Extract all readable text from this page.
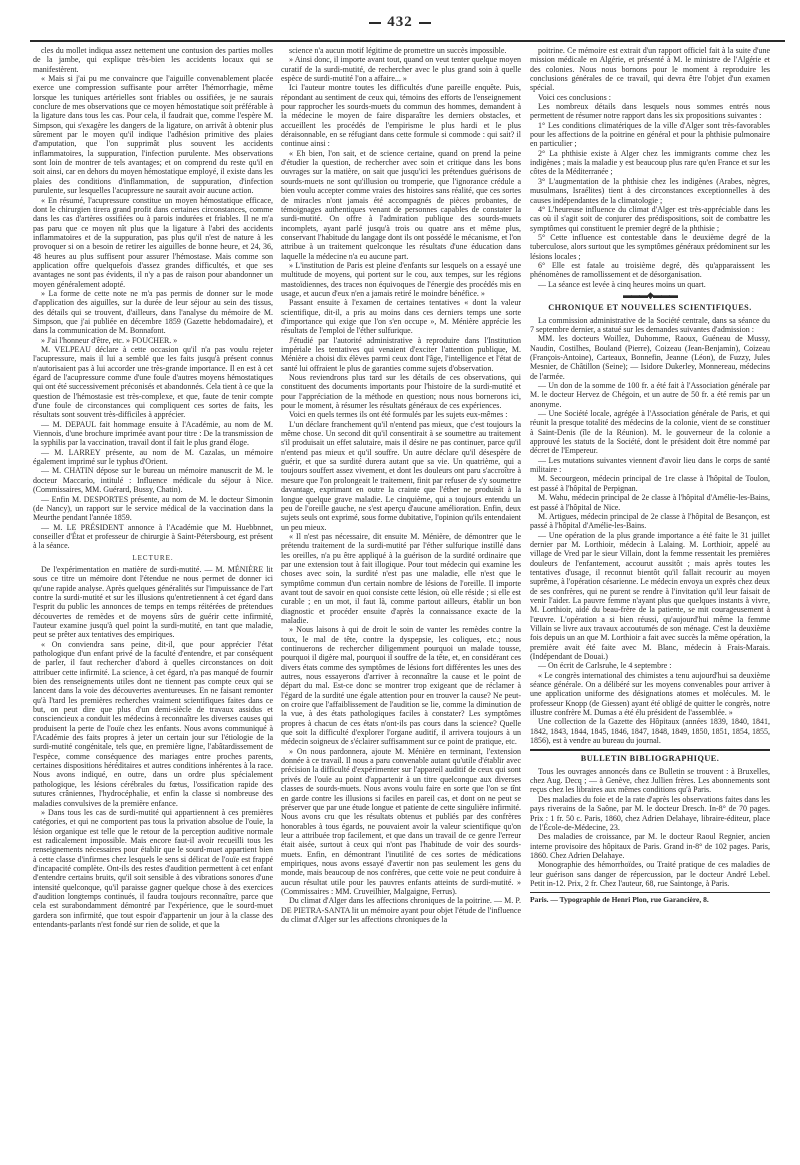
432

cles du mollet indiqua assez nettement une contusion des parties molles de la jambe, qui explique très-bien les accidents locaux qui se manifestèrent.

« Mais si j'ai pu me convaincre que l'aiguille convenablement placée exerce une compression suffisante pour arrêter l'hémorrhagie, même lorsque les tuniques artérielles sont friables ou ossifiées, je ne saurais conclure de mes observations que ce moyen hémostatique soit préférable à la ligature dans tous les cas. Pour cela, il faudrait que, comme l'espère M. Simpson, qui s'exagère les dangers de la ligature, on arrivât à obtenir plus sûrement par le moyen qu'il indique l'adhésion primitive des plaies d'amputation, que l'on supprimât plus souvent les accidents inflammatoires, la suppuration, l'infection purulente. Mes observations sont loin de montrer de tels avantages; et on comprend du reste qu'il en soit ainsi, car en dehors du moyen hémostatique employé, il existe dans les plaies des conditions d'inflammation, de suppuration, d'infection purulente, sur lesquelles l'acupressure ne saurait avoir aucune action.

« En résumé, l'acupressure constitue un moyen hémostatique efficace, dont le chirurgien tirera grand profit dans certaines circonstances, comme dans les cas d'artères ossifiées ou à parois indurées et friables. Il ne m'a pas paru que ce moyen nît plus que la ligature à l'abri des accidents inflammatoires et de la suppuration, pas plus qu'il n'est de nature à les provoquer si on a besoin de retirer les aiguilles de bonne heure, et 24, 36, 48 heures au plus suffisent pour assurer l'hémostase. Mais comme son application offre quelquefois d'assez grandes difficultés, et que ses avantages ne sont pas évidents, il n'y a pas de raison pour abandonner un moyen généralement adopté.

» La forme de cette note ne m'a pas permis de donner sur le mode d'application des aiguilles, sur la durée de leur séjour au sein des tissus, des détails qui se trouvent, d'ailleurs, dans l'analyse du mémoire de M. Simpson, que j'ai publiée en décembre 1859 (Gazette hebdomadaire), et dans la communication de M. Bonnafont.

» J'ai l'honneur d'être, etc. » FOUCHER. »

M. VELPEAU déclare à cette occasion qu'il n'a pas voulu rejeter l'acupressure, mais il lui a semblé que les faits jusqu'à présent connus n'autorisaient pas à lui accorder une très-grande importance. Il en est à cet égard de l'acupressure comme d'une foule d'autres moyens hémostatiques qui ont été successivement préconisés et abandonnés. Cela tient à ce que la question de l'hémostasie est très-complexe, et que, faute de tenir compte d'une foule de circonstances qui compliquent ces sortes de faits, les résultats sont souvent très-difficiles à apprécier.

— M. DEPAUL fait hommage ensuite à l'Académie, au nom de M. Viennois, d'une brochure imprimée avant pour titre : De la transmission de la syphilis par la vaccination, travail dont il fait le plus grand éloge.

— M. LARREY présente, au nom de M. Cazalas, un mémoire également imprimé sur le typhus d'Orient.

— M. CHATIN dépose sur le bureau un mémoire manuscrit de M. le docteur Maccario, intitulé : Influence médicale du séjour à Nice. (Commissaires, MM. Guérard, Bussy, Chatin).

— Enfin M. DESPORTES présente, au nom de M. le docteur Simonin (de Nancy), un rapport sur le service médical de la vaccination dans la Meurthe pendant l'année 1859.

— M. LE PRÉSIDENT annonce à l'Académie que M. Huebbnnet, conseiller d'État et professeur de chirurgie à Saint-Pétersbourg, est présent à la séance.

LECTURE.

De l'expérimentation en matière de surdi-mutité. — M. MÉNIÈRE lit sous ce titre un mémoire dont l'étendue ne nous permet de donner ici qu'une rapide analyse. Après quelques généralités sur l'impuissance de l'art contre la surdi-mutité et sur les illusions qu'entretiennent à cet égard dans l'esprit du public les annonces de temps en temps réitérées de prétendues découvertes de remèdes et de moyens sûrs de guérir cette infirmité, l'auteur examine jusqu'à quel point la surdi-mutité, en tant que maladie, peut se prêter aux tentatives des empiriques.

« On conviendra sans peine, dit-il, que pour apprécier l'état pathologique d'un enfant privé de la faculté d'entendre, et par conséquent de parler, il faut rechercher d'abord à quelles circonstances on doit attribuer cette infirmité. La science, à cet égard, n'a pas manqué de fournir bien des renseignements utiles dont ne tiennent pas compte ceux qui se lancent dans la voie des découvertes aventureuses. En ne faisant remonter qu'à l'tard les premières recherches vraiment scientifiques faites dans ce but, on peut dire que plus d'un demi-siècle de travaux assidus et consciencieux a conduit les médecins à reconnaître les diverses causes qui produisent la perte de l'ouïe chez les enfants. Nous avons communiqué à l'Académie des faits propres à jeter un certain jour sur l'étiologie de la surdi-mutité congénitale, tels que, en première ligne, l'abâtardissement de l'espèce, comme conséquence des mariages entre proches parents, certaines dispositions héréditaires et autres conditions inhérentes à la race. Nous avons indiqué, en outre, dans un ordre plus spécialement pathologique, les lésions cérébrales du fœtus, l'ossification rapide des sutures crâniennes, l'hydrocéphalie, et enfin la classe si nombreuse des maladies convulsives de la première enfance.

» Dans tous les cas de surdi-mutité qui appartiennent à ces premières catégories, et qui ne comportent pas tous la privation absolue de l'ouïe, la lésion organique est telle que le retour de la perception auditive normale est radicalement impossible. Mais encore faut-il avoir recueilli tous les renseignements nécessaires pour établir que le sourd-muet appartient bien à cette classe d'infirmes chez lesquels le sens si délicat de l'ouïe est frappé d'incapacité complète. Ont-ils des restes d'audition permettent à cet enfant d'entendre certains bruits, qu'il soit sensible à des vibrations sonores d'une intensité quelconque, qu'il paraisse gagner quelque chose à des exercices d'audition longtemps continués, il faudra toujours reconnaître, parce que cela est surabondamment démontré par l'expérience, que le sourd-muet gardera son infirmité, que tout espoir d'appartenir un jour à la classe des entendants-parlants n'est fondé sur rien de solide, et que la

science n'a aucun motif légitime de promettre un succès impossible.

» Ainsi donc, il importe avant tout, quand on veut tenter quelque moyen curatif de la surdi-mutité, de rechercher avec le plus grand soin à quelle espèce de surdi-mutité l'on a affaire... »

Ici l'auteur montre toutes les difficultés d'une pareille enquête. Puis, répondant au sentiment de ceux qui, témoins des efforts de l'enseignement pour rapprocher les sourds-muets du commun des hommes, demandent à la médecine le moyen de faire disparaître les derniers obstacles, et accueillent les procédés de l'empirisme le plus hardi et le plus déraisonnable, en se réfugiant dans cette formule si commode : qui sait? il continue ainsi :

« Eh bien, l'on sait, et de science certaine, quand on prend la peine d'étudier la question, de rechercher avec soin et critique dans les bons ouvrages sur la matière, on sait que jusqu'ici les prétendues guérisons de sourds-muets ne sont qu'illusion ou tromperie, que l'ignorance crédule a bien voulu accepter comme vraies des histoires sans réalité, que ces sortes de miracles n'ont jamais été accompagnés de pièces probantes, de témoignages authentiques venant de personnes capables de constater la surdi-mutité. On offre à l'admiration publique des sourds-muets incomplets, ayant parlé jusqu'à trois ou quatre ans et même plus, conservant l'habitude du langage dont ils ont possédé le mécanisme, et l'on attribue à un traitement quelconque les résultats d'une éducation dans laquelle la médecine n'a eu aucune part.

» L'institution de Paris est pleine d'enfants sur lesquels on a essayé une multitude de moyens, qui portent sur le cou, aux tempes, sur les régions mastoïdiennes, des traces non équivoques de l'énergie des procédés mis en usage, et aucun d'eux n'en a jamais retiré le moindre bénéfice. »

Passant ensuite à l'examen de certaines tentatives « dont la valeur scientifique, dit-il, a pris au moins dans ces derniers temps une sorte d'importance qui exige que l'on s'en occupe », M. Ménière apprécie les résultats de l'emploi de l'éther sulfurique.

J'étudié par l'autorité administrative à reproduire dans l'Institution impériale les tentatives qui venaient d'exciter l'attention publique, M. Ménière a choisi dix élèves parmi ceux dont l'âge, l'intelligence et l'état de santé lui offraient le plus de garanties comme sujets d'observation.

Nous reviendrons plus tard sur les détails de ces observations, qui constituent des documents importants pour l'histoire de la surdi-mutité et pour l'appréciation de la méthode en question; nous nous bornerons ici, pour le moment, à résumer les résultats généraux de ces expériences.

Voici en quels termes ils ont été formulés par les sujets eux-mêmes :

L'un déclare franchement qu'il n'entend pas mieux, que c'est toujours la même chose. Un second dit qu'il consentirait à se soumettre au traitement s'il produisait un effet salutaire, mais il désire ne pas continuer, parce qu'il n'entend pas mieux et qu'il souffre. Un autre déclare qu'il désespère de guérir, et que sa surdité durera autant que sa vie. Un quatrième, qui a toujours souffert assez vivement, et dont les douleurs ont paru s'accroître à mesure que l'on prolongeait le traitement, finit par refuser de s'y soumettre davantage, exprimant en outre la crainte que l'éther ne produisît à la longue quelque grave maladie. Le cinquième, qui a toujours entendu un peu de l'oreille gauche, ne s'est aperçu d'aucune amélioration. Enfin, deux sujets seuls ont exprimé, sous forme dubitative, l'opinion qu'ils entendaient un peu mieux.

« Il n'est pas nécessaire, dit ensuite M. Ménière, de démontrer que le prétendu traitement de la surdi-mutité par l'éther sulfurique instillé dans les oreilles, n'a pu être appliqué à la guérison de la surdité ordinaire que par une extension tout à fait illogique. Pour tout médecin qui examine les choses avec soin, la surdité n'est pas une maladie, elle n'est que le symptôme commun d'un certain nombre de lésions de l'oreille. Il importe avant tout de savoir en quoi consiste cette lésion, où elle réside ; si elle est curable ; en un mot, il faut là, comme partout ailleurs, établir un bon diagnostic et procéder ensuite d'après la connaissance exacte de la maladie.

» Nous laisons à qui de droit le soin de vanter les remèdes contre la toux, le mal de tête, contre la dyspepsie, les coliques, etc.; nous continuerons de rechercher diligemment pourquoi un malade tousse, pourquoi il digère mal, pourquoi il souffre de la tête, et, en considérant ces divers états comme des symptômes de lésions fort différentes les unes des autres, nous essayerons d'arriver à reconnaître la cause et le point de départ du mal. Est-ce donc se montrer trop exigeant que de réclamer à l'égard de la surdité une égale attention pour en trouver la cause? Ne peut-on croire que l'affaiblissement de l'audition se lie, comme la diminution de la vue, à des états pathologiques faciles à constater? Les symptômes propres à chacun de ces états n'ont-ils pas cours dans la science? Quelle que soit la difficulté d'explorer l'organe auditif, il arrivera toujours à un médecin soigneux de s'éclairer suffisamment sur ce point de pratique, etc.

» On nous pardonnera, ajoute M. Ménière en terminant, l'extension donnée à ce travail. Il nous a paru convenable autant qu'utile d'établir avec précision la difficulté d'expérimenter sur l'appareil auditif de ceux qui sont privés de l'ouïe au point d'appartenir à un titre quelconque aux diverses classes de sourds-muets. Nous avons voulu faire en sorte que l'on se tînt en garde contre les illusions si faciles en pareil cas, et dont on ne peut se préserver que par une étude longue et patiente de cette singulière infirmité. Nous avons cru que les résultats obtenus et publiés par des confrères honorables à tous égards, ne pouvaient avoir la valeur scientifique qu'on leur a attribuée trop facilement, et que dans un travail de ce genre l'erreur était aisée, surtout à ceux qui n'ont pas l'habitude de voir des sourds-muets. Enfin, en démontrant l'inutilité de ces sortes de médications empiriques, nous avons essayé d'avertir non pas seulement les gens du monde, mais beaucoup de nos confrères, que cette voie ne peut conduire à aucun résultat utile pour les pauvres enfants atteints de surdi-mutité. » (Commissaires : MM. Cruveilhier, Malgaigne, Ferrus).

Du climat d'Alger dans les affections chroniques de la poitrine. — M. P. DE PIETRA-SANTA lit un mémoire ayant pour objet l'étude de l'influence du climat d'Alger sur les affections chroniques de la

poitrine. Ce mémoire est extrait d'un rapport officiel fait à la suite d'une mission médicale en Algérie, et présenté à M. le ministre de l'Algérie et des colonies. Nous nous bornons pour le moment à reproduire les conclusions générales de ce travail, qui devra être l'objet d'un examen spécial.

Voici ces conclusions :

Les nombreux détails dans lesquels nous sommes entrés nous permettent de résumer notre rapport dans les six propositions suivantes :

1° Les conditions climatériques de la ville d'Alger sont très-favorables pour les affections de la poitrine en général et pour la phthisie pulmonaire en particulier ;

2° La phthisie existe à Alger chez les immigrants comme chez les indigènes ; mais la maladie y est beaucoup plus rare qu'en France et sur les côtes de la Méditerranée ;

3° L'augmentation de la phthisie chez les indigènes (Arabes, nègres, musulmans, Israélites) tient à des circonstances exceptionnelles à des causes indépendantes de la climatologie ;

4° L'heureuse influence du climat d'Alger est très-appréciable dans les cas où il s'agit soit de conjurer des prédispositions, soit de combattre les symptômes qui constituent le premier degré de la phthisie ;

5° Cette influence est contestable dans le deuxième degré de la tuberculose, alors surtout que les symptômes généraux prédominent sur les lésions locales ;

6° Elle est fatale au troisième degré, dès qu'apparaissent les phénomènes de ramollissement et de désorganisation.

— La séance est levée à cinq heures moins un quart.

▬▬▬◆▬▬▬
CHRONIQUE ET NOUVELLES SCIENTIFIQUES.

La commission administrative de la Société centrale, dans sa séance du 7 septembre dernier, a statué sur les demandes suivantes d'admission :

MM. les docteurs Woillez, Duhomme, Raoux, Guéneau de Mussy, Naudin, Costilhes, Bouland (Pierre), Coizeau (Jean-Benjamin), Coizeau (François-Antoine), Carteaux, Bonnefin, Jeanne (Léon), de Fuzzy, Jules Mesnier, de Châtillon (Seine); — Isidore Dukerley, Monnereau, médecins de l'armée.

— Un don de la somme de 100 fr. a été fait à l'Association générale par M. le docteur Hervez de Chégoin, et un autre de 50 fr. a été remis par un anonyme.

— Une Société locale, agrégée à l'Association générale de Paris, et qui réunit la presque totalité des médecins de la colonie, vient de se constituer à Saint-Denis (île de la Réunion). M. le gouverneur de la colonie a approuvé les statuts de la Société, dont le président doit être nommé par décret de l'Empereur.

— Les mutations suivantes viennent d'avoir lieu dans le corps de santé militaire :

M. Secourgeon, médecin principal de 1re classe à l'hôpital de Toulon, est passé à l'hôpital de Perpignan.

M. Wahu, médecin principal de 2e classe à l'hôpital d'Amélie-les-Bains, est passé à l'hôpital de Nice.

M. Artigues, médecin principal de 2e classe à l'hôpital de Besançon, est passé à l'hôpital d'Amélie-les-Bains.

— Une opération de la plus grande importance a été faite le 31 juillet dernier par M. Lorthioir, médecin à Lalaing. M. Lorthioir, appelé au village de Vred par le sieur Villain, dont la femme ressentait les premières douleurs de l'enfantement, accourut aussitôt ; mais après toutes les tentatives d'usage, il reconnut bientôt qu'il fallait recourir au moyen suprême, à l'opération césarienne. Le médecin envoya un exprès chez deux de ses confrères, qui ne purent se rendre à l'invitation qu'il leur faisait de venir l'aider. La pauvre femme n'ayant plus que quelques instants à vivre, M. Lorthioir, aidé du beau-frère de la patiente, se mit courageusement à l'œuvre. L'opération a si bien réussi, qu'aujourd'hui même la femme Villain se livre aux travaux accoutumés de son ménage. C'est la deuxième fois depuis un an que M. Lorthioir a fait avec succès la même opération, la première avait été faite avec M. Blanc, médecin à Frais-Marais. (Indépendant de Douai.)

— On écrit de Carlsruhe, le 4 septembre :

« Le congrès international des chimistes a tenu aujourd'hui sa deuxième séance générale. On a délibéré sur les moyens convenables pour arriver à une application uniforme des désignations atomes et molécules. M. le professeur Knopp (de Giessen) ayant été obligé de quitter le congrès, notre illustre confrère M. Dumas a été élu président de l'assemblée. »

Une collection de la Gazette des Hôpitaux (années 1839, 1840, 1841, 1842, 1843, 1844, 1845, 1846, 1847, 1848, 1849, 1850, 1851, 1854, 1855, 1856), est à vendre au bureau du journal.

BULLETIN BIBLIOGRAPHIQUE.

Tous les ouvrages annoncés dans ce Bulletin se trouvent : à Bruxelles, chez Aug. Decq ; — à Genève, chez Jullien frères. Les abonnements sont reçus chez les libraires aux mêmes conditions qu'à Paris.

Des maladies du foie et de la rate d'après les observations faites dans les pays riverains de la Saône, par M. le docteur Dresch. In-8° de 70 pages. Prix : 1 fr. 50 c. Paris, 1860, chez Adrien Delahaye, libraire-éditeur, place de l'École-de-Médecine, 23.

Des maladies de croissance, par M. le docteur Raoul Regnier, ancien interne provisoire des hôpitaux de Paris. Grand in-8° de 102 pages. Paris, 1860. Chez Adrien Delahaye.

Monographie des hémorrhoïdes, ou Traité pratique de ces maladies de leur guérison sans danger de répercussion, par le docteur André Lebel. Petit in-12. Prix, 2 fr. Chez l'auteur, 68, rue Saintonge, à Paris.

Paris. — Typographie de Henri Plon, rue Garancière, 8.
